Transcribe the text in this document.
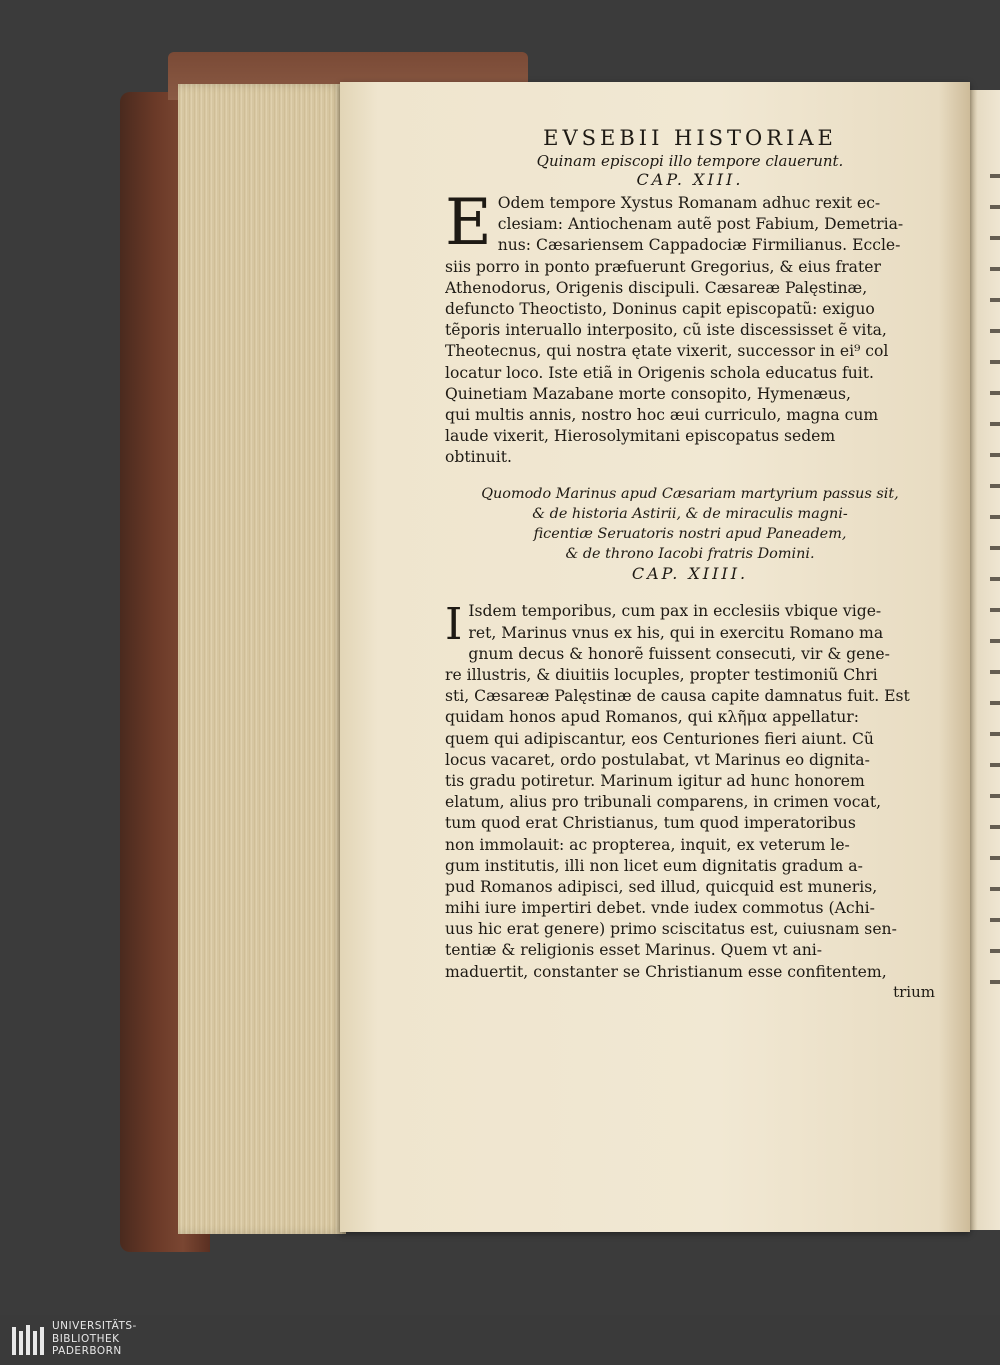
EVSEBII HISTORIAE

Quinam episcopi illo tempore clauerunt.

CAP. XIII.

E Odem tempore Xystus Romanam adhuc rexit ec-
clesiam: Antiochenam autẽ post Fabium, Demetria-
nus: Cæsariensem Cappadociæ Firmilianus. Eccle-
siis porro in ponto præfuerunt Gregorius, & eius frater
Athenodorus, Origenis discipuli. Cæsareæ Palęstinæ,
defuncto Theoctisto, Doninus capit episcopatũ: exiguo
tẽporis interuallo interposito, cũ iste discessisset ẽ vita,
Theotecnus, qui nostra ętate vixerit, successor in ei⁹ col
locatur loco. Iste etiã in Origenis schola educatus fuit.
Quinetiam Mazabane morte consopito, Hymenæus,
qui multis annis, nostro hoc æui curriculo, magna cum
laude vixerit, Hierosolymitani episcopatus sedem
obtinuit.

Quomodo Marinus apud Cæsariam martyrium passus sit,

& de historia Astirii, & de miraculis magni-

ficentiæ Seruatoris nostri apud Paneadem,

& de throno Iacobi fratris Domini.

CAP. XIIII.

I Isdem temporibus, cum pax in ecclesiis vbique vige-
ret, Marinus vnus ex his, qui in exercitu Romano ma
gnum decus & honorẽ fuissent consecuti, vir & gene-
re illustris, & diuitiis locuples, propter testimoniũ Chri
sti, Cæsareæ Palęstinæ de causa capite damnatus fuit. Est
quidam honos apud Romanos, qui κλῆμα appellatur:
quem qui adipiscantur, eos Centuriones fieri aiunt. Cũ
locus vacaret, ordo postulabat, vt Marinus eo dignita-
tis gradu potiretur. Marinum igitur ad hunc honorem
elatum, alius pro tribunali comparens, in crimen vocat,
tum quod erat Christianus, tum quod imperatoribus
non immolauit: ac propterea, inquit, ex veterum le-
gum institutis, illi non licet eum dignitatis gradum a-
pud Romanos adipisci, sed illud, quicquid est muneris,
mihi iure impertiri debet. vnde iudex commotus (Achi-
uus hic erat genere) primo sciscitatus est, cuiusnam sen-
tentiæ & religionis esset Marinus. Quem vt ani-
maduertit, constanter se Christianum esse confitentem,
trium
UNIVERSITÄTS-
BIBLIOTHEK
PADERBORN
